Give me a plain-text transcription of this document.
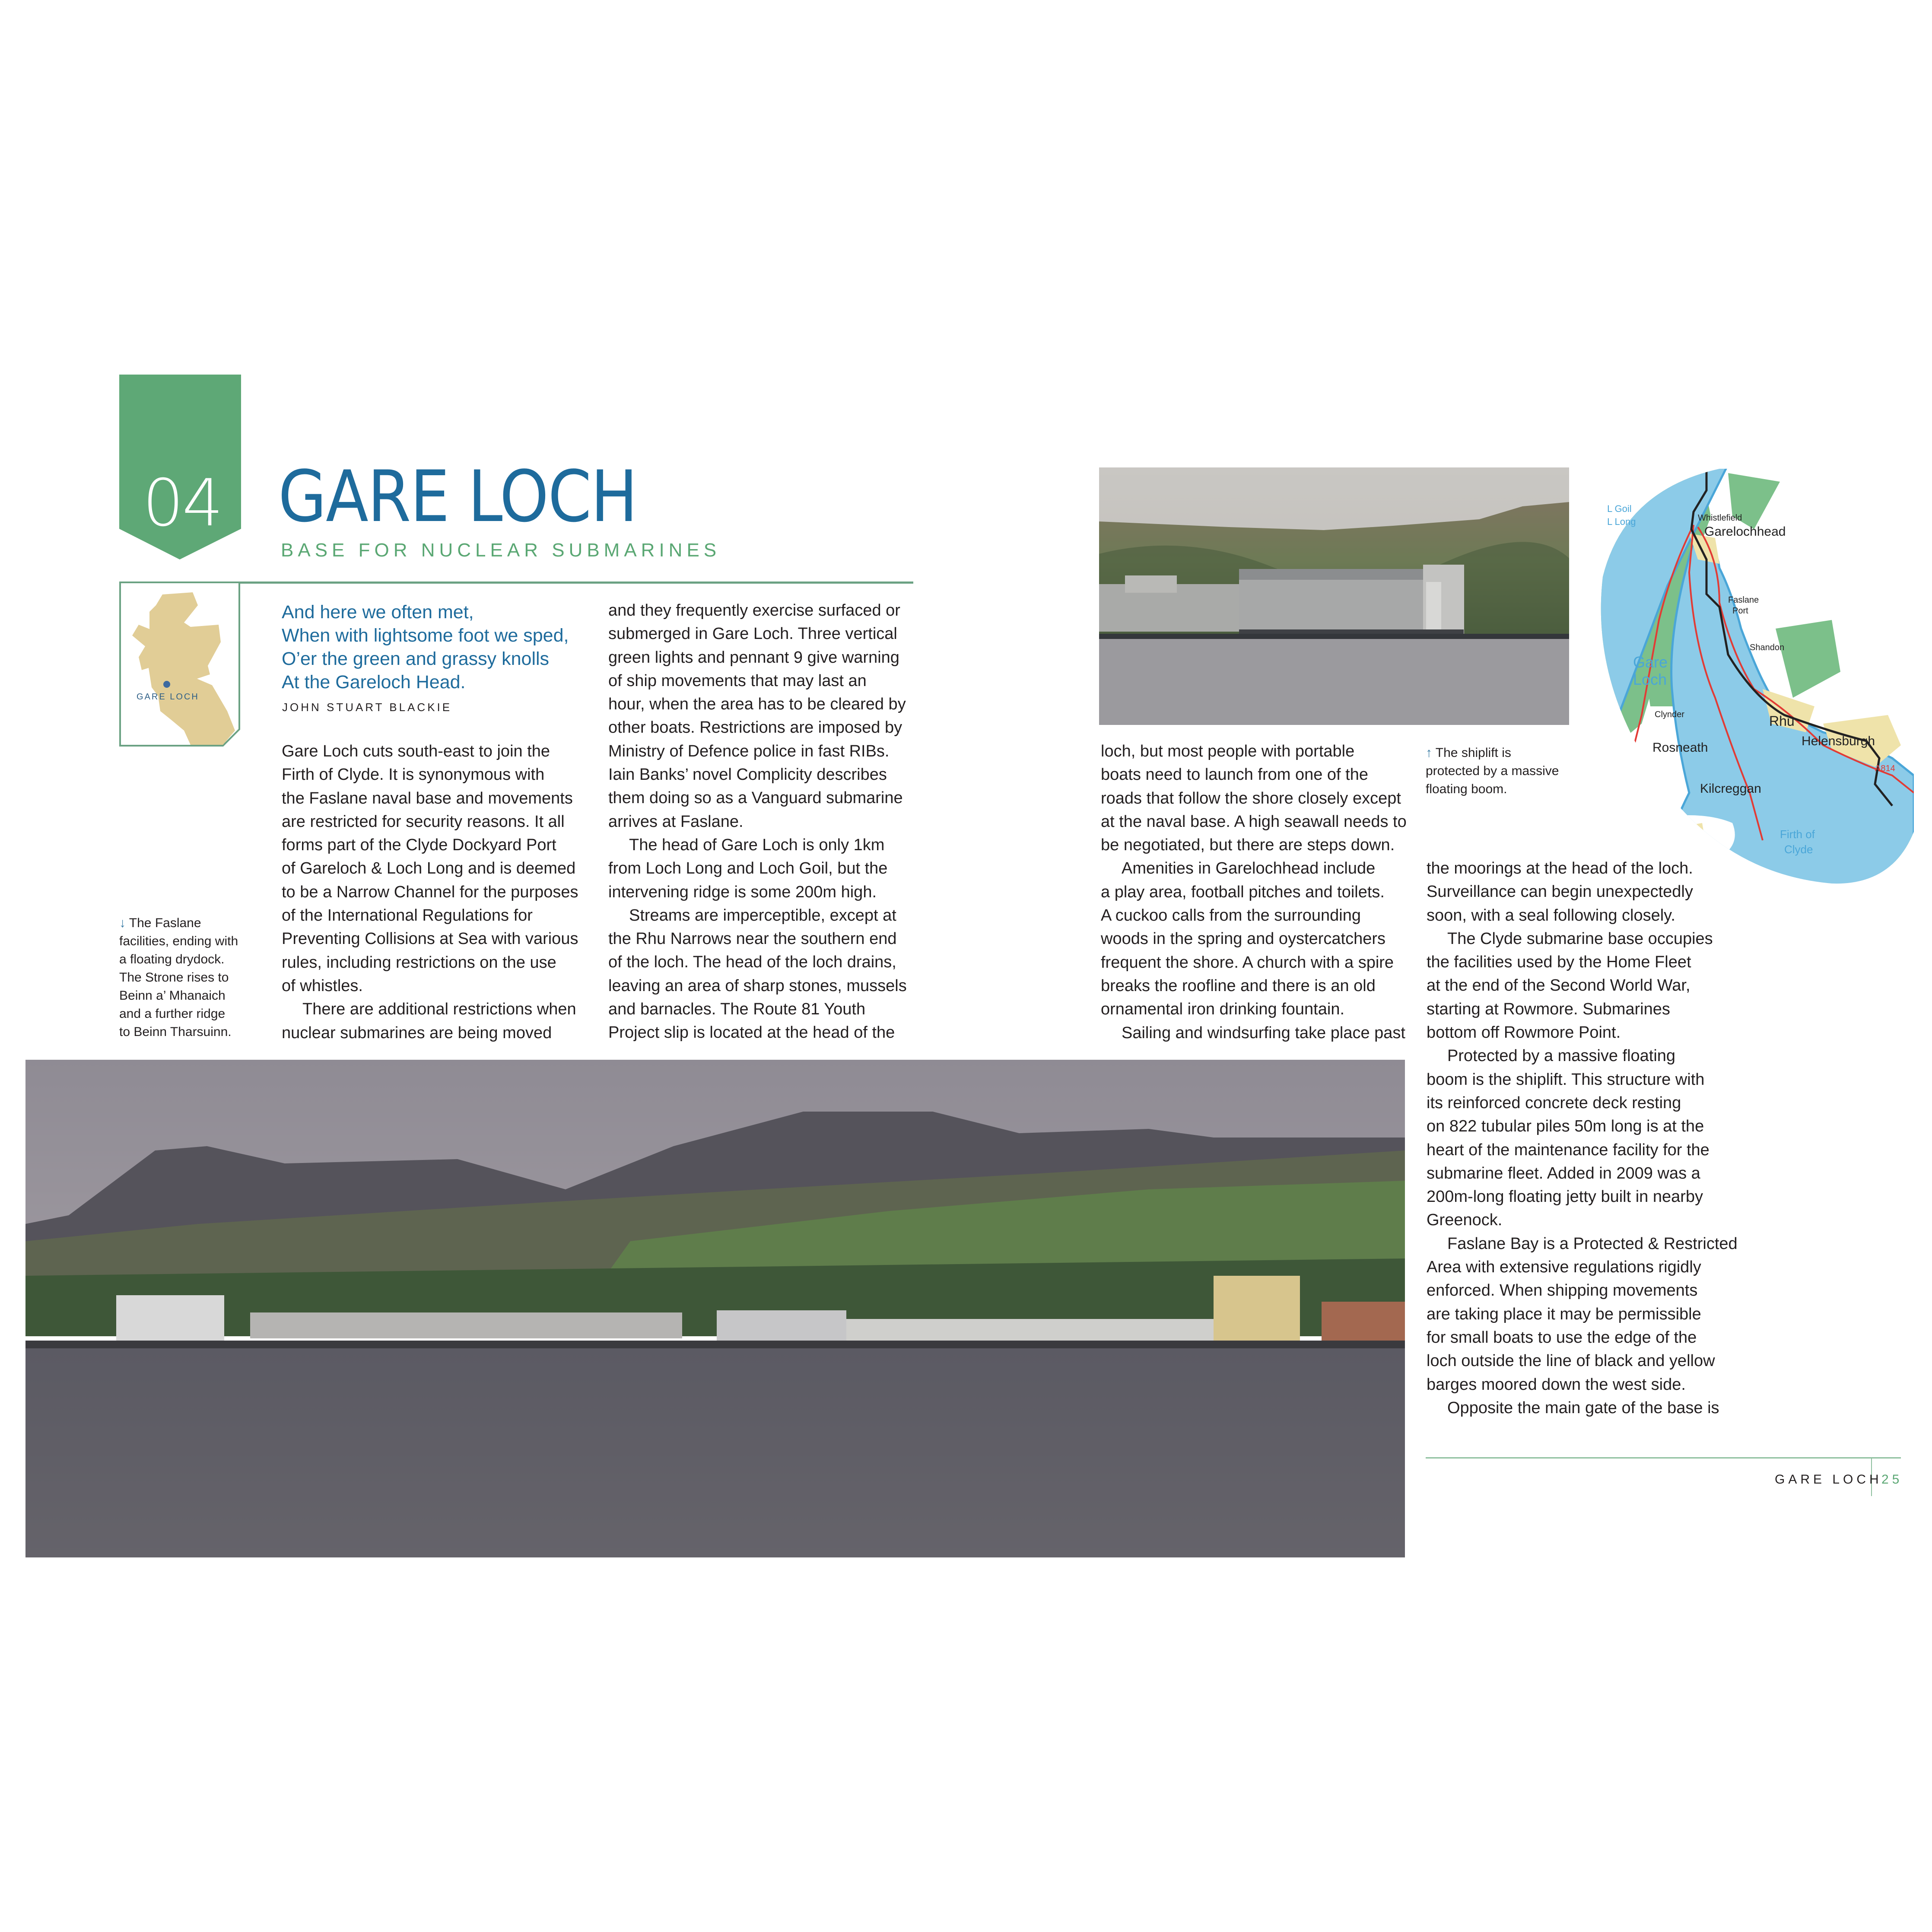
04 GARE LOCH
BASE FOR NUCLEAR SUBMARINES
GARE LOCH
And here we often met,
When with lightsome foot we sped,
O’er the green and grassy knolls
At the Gareloch Head.
JOHN STUART BLACKIE
Gare Loch cuts south-east to join the
Firth of Clyde. It is synonymous with
the Faslane naval base and movements
are restricted for security reasons. It all
forms part of the Clyde Dockyard Port
of Gareloch & Loch Long and is deemed
to be a Narrow Channel for the purposes
of the International Regulations for
Preventing Collisions at Sea with various
rules, including restrictions on the use
of whistles.
There are additional restrictions when
nuclear submarines are being moved
and they frequently exercise surfaced or
submerged in Gare Loch. Three vertical
green lights and pennant 9 give warning
of ship movements that may last an
hour, when the area has to be cleared by
other boats. Restrictions are imposed by
Ministry of Defence police in fast RIBs.
Iain Banks’ novel Complicity describes
them doing so as a Vanguard submarine
arrives at Faslane.
The head of Gare Loch is only 1km
from Loch Long and Loch Goil, but the
intervening ridge is some 200m high.
Streams are imperceptible, except at
the Rhu Narrows near the southern end
of the loch. The head of the loch drains,
leaving an area of sharp stones, mussels
and barnacles. The Route 81 Youth
Project slip is located at the head of the
↓ The Faslane
facilities, ending with
a floating drydock.
The Strone rises to
Beinn a’ Mhanaich
and a further ridge
to Beinn Tharsuinn.
↑ The shiplift is
protected by a massive
floating boom.
loch, but most people with portable
boats need to launch from one of the
roads that follow the shore closely except
at the naval base. A high seawall needs to
be negotiated, but there are steps down.
Amenities in Garelochhead include
a play area, football pitches and toilets.
A cuckoo calls from the surrounding
woods in the spring and oystercatchers
frequent the shore. A church with a spire
breaks the roofline and there is an old
ornamental iron drinking fountain.
Sailing and windsurfing take place past
the moorings at the head of the loch.
Surveillance can begin unexpectedly
soon, with a seal following closely.
The Clyde submarine base occupies
the facilities used by the Home Fleet
at the end of the Second World War,
starting at Rowmore. Submarines
bottom off Rowmore Point.
Protected by a massive floating
boom is the shiplift. This structure with
its reinforced concrete deck resting
on 822 tubular piles 50m long is at the
heart of the maintenance facility for the
submarine fleet. Added in 2009 was a
200m-long floating jetty built in nearby
Greenock.
Faslane Bay is a Protected & Restricted
Area with extensive regulations rigidly
enforced. When shipping movements
are taking place it may be permissible
for small boats to use the edge of the
loch outside the line of black and yellow
barges moored down the west side.
Opposite the main gate of the base is
L Goil
L Long	Whistlefield
Garelochhead
Faslane
Port
Shandon
Gare
Loch
Clynder	Rhu
Rosneath	Helensburgh
Kilcreggan
A814
Firth of
Clyde
GARE LOCH
25
